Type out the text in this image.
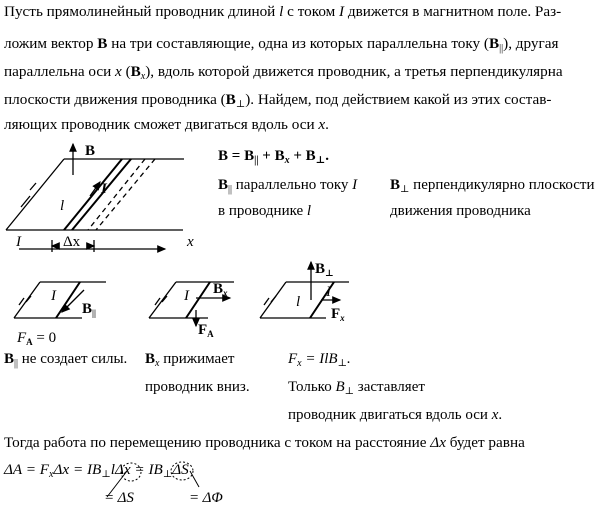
Пусть прямолинейный проводник длиной l с током I движется в магнитном поле. Раз-
ложим вектор B на три составляющие, одна из которых параллельна току $(B_{||})$, другая
параллельна оси x $(B_x)$, вдоль которой движется проводник, а третья перпендикулярна
плоскости движения проводника $(B_\perp)$. Найдем, под действием какой из этих состав-
ляющих проводник сможет двигаться вдоль оси x.
B
I
l
I	Δx	x
I
$B_{||}$
$F_A = 0$
I $B_x$
$F_A$
$B_\perp$
I
l
$F_x$
$B = B_{||} + B_x + B_\perp$.
$B_{||}$ параллельно току I
в проводнике l
$B_\perp$ перпендикулярно плоскости
движения проводника
$B_{||}$ не создает силы. $B_x$ прижимает
проводник вниз.
$F_x = IlB_\perp$.
Только $B_\perp$ заставляет
проводник двигаться вдоль оси x.
Тогда работа по перемещению проводника с током на расстояние Δx будет равна
$\Delta A = F_x\Delta x = IB_\perp l\Delta x = IB_\perp\Delta S$
= ΔS	= ΔΦ
